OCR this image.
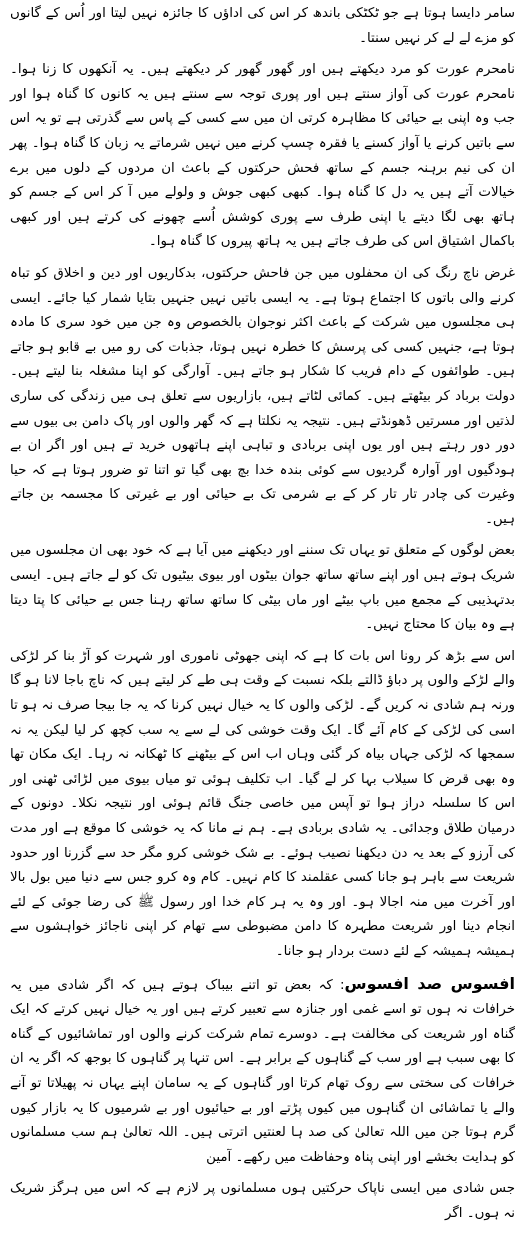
سامر دایسا ہوتا ہے جو ٹکٹکی باندھ کر اس کی اداؤں کا جائزہ نہیں لیتا اور اُس کے گانوں کو مزے لے لے کر نہیں سنتا۔

نامحرم عورت کو مرد دیکھتے ہیں اور گھور گھور کر دیکھتے ہیں۔ یہ آنکھوں کا زنا ہوا۔ نامحرم عورت کی آواز سنتے ہیں اور پوری توجہ سے سنتے ہیں یہ کانوں کا گناہ ہوا اور جب وہ اپنی بے حیائی کا مظاہرہ کرتی ان میں سے کسی کے پاس سے گذرتی ہے تو یہ اس سے باتیں کرنے یا آواز کسنے یا فقرہ چسپ کرنے میں نہیں شرماتے یہ زبان کا گناہ ہوا۔ پھر ان کی نیم برہنہ جسم کے ساتھ فحش حرکتوں کے باعث ان مردوں کے دلوں میں برے خیالات آتے ہیں یہ دل کا گناہ ہوا۔ کبھی کبھی جوش و ولولے میں آ کر اس کے جسم کو ہاتھ بھی لگا دیتے یا اپنی طرف سے پوری کوشش اُسے چھونے کی کرتے ہیں اور کبھی باکمال اشتیاق اس کی طرف جاتے ہیں یہ ہاتھ پیروں کا گناہ ہوا۔

غرض ناچ رنگ کی ان محفلوں میں جن فاحش حرکتوں، بدکاریوں اور دین و اخلاق کو تباہ کرنے والی باتوں کا اجتماع ہوتا ہے۔ یہ ایسی باتیں نہیں جنہیں بتایا شمار کیا جائے۔ ایسی ہی مجلسوں میں شرکت کے باعث اکثر نوجوان بالخصوص وہ جن میں خود سری کا مادہ ہوتا ہے، جنہیں کسی کی پرسش کا خطرہ نہیں ہوتا، جذبات کی رو میں بے قابو ہو جاتے ہیں۔ طوائفوں کے دام فریب کا شکار ہو جاتے ہیں۔ آوارگی کو اپنا مشغلہ بنا لیتے ہیں۔ دولت برباد کر بیٹھتے ہیں۔ کمائی لٹاتے ہیں، بازاریوں سے تعلق ہی میں زندگی کی ساری لذتیں اور مسرتیں ڈھونڈتے ہیں۔ نتیجہ یہ نکلتا ہے کہ گھر والوں اور پاک دامن بی بیوں سے دور دور رہتے ہیں اور یوں اپنی بربادی و تباہی اپنے ہاتھوں خرید تے ہیں اور اگر ان بے ہودگیوں اور آوارہ گردیوں سے کوئی بندہ خدا بچ بھی گیا تو اتنا تو ضرور ہوتا ہے کہ حیا وغیرت کی چادر تار تار کر کے بے شرمی تک بے حیائی اور بے غیرتی کا مجسمہ بن جاتے ہیں۔

بعض لوگوں کے متعلق تو یہاں تک سننے اور دیکھنے میں آیا ہے کہ خود بھی ان مجلسوں میں شریک ہوتے ہیں اور اپنے ساتھ ساتھ جوان بیٹوں اور بیوی بیٹیوں تک کو لے جاتے ہیں۔ ایسی بدتہذیبی کے مجمع میں باپ بیٹے اور ماں بیٹی کا ساتھ ساتھ رہنا جس بے حیائی کا پتا دیتا ہے وہ بیان کا محتاج نہیں۔

اس سے بڑھ کر رونا اس بات کا ہے کہ اپنی جھوٹی ناموری اور شہرت کو آڑ بنا کر لڑکی والے لڑکے والوں پر دباؤ ڈالتے بلکہ نسبت کے وقت ہی طے کر لیتے ہیں کہ ناچ باجا لانا ہو گا ورنہ ہم شادی نہ کریں گے۔ لڑکی والوں کا یہ خیال نہیں کرنا کہ یہ جا بیجا صرف نہ ہو تا اسی کی لڑکی کے کام آئے گا۔ ایک وقت خوشی کی لے سے یہ سب کچھ کر لیا لیکن یہ نہ سمجھا کہ لڑکی جہاں بیاہ کر گئی وہاں اب اس کے بیٹھنے کا ٹھکانہ نہ رہا۔ ایک مکان تھا وہ بھی قرض کا سیلاب بہا کر لے گیا۔ اب تکلیف ہوئی تو میاں بیوی میں لڑائی ٹھنی اور اس کا سلسلہ دراز ہوا تو آپس میں خاصی جنگ قائم ہوئی اور نتیجہ نکلا۔ دونوں کے درمیان طلاق وجدائی۔ یہ شادی بربادی ہے۔ ہم نے مانا کہ یہ خوشی کا موقع ہے اور مدت کی آرزو کے بعد یہ دن دیکھنا نصیب ہوئے۔ بے شک خوشی کرو مگر حد سے گزرنا اور حدود شریعت سے باہر ہو جانا کسی عقلمند کا کام نہیں۔ کام وہ کرو جس سے دنیا میں بول بالا اور آخرت میں منہ اجالا ہو۔ اور وہ یہ ہر کام خدا اور رسول ﷺ کی رضا جوئی کے لئے انجام دینا اور شریعت مطہرہ کا دامن مضبوطی سے تھام کر اپنی ناجائز خواہشوں سے ہمیشہ ہمیشہ کے لئے دست بردار ہو جانا۔

افسوس صد افسوس: کہ بعض تو اتنے بیباک ہوتے ہیں کہ اگر شادی میں یہ خرافات نہ ہوں تو اسے غمی اور جنازہ سے تعبیر کرتے ہیں اور یہ خیال نہیں کرتے کہ ایک گناہ اور شریعت کی مخالفت ہے۔ دوسرے تمام شرکت کرنے والوں اور تماشائیوں کے گناہ کا بھی سبب ہے اور سب کے گناہوں کے برابر ہے۔ اس تنہا پر گناہوں کا بوجھ کہ اگر یہ ان خرافات کی سختی سے روک تھام کرتا اور گناہوں کے یہ سامان اپنے یہاں نہ پھیلاتا تو آنے والے یا تماشائی ان گناہوں میں کیوں پڑتے اور بے حیائیوں اور بے شرمیوں کا یہ بازار کیوں گرم ہوتا جن میں اللہ تعالیٰ کی صد ہا لعنتیں اترتی ہیں۔ اللہ تعالیٰ ہم سب مسلمانوں کو ہدایت بخشے اور اپنی پناہ وحفاظت میں رکھے۔ آمین

جس شادی میں ایسی ناپاک حرکتیں ہوں مسلمانوں پر لازم ہے کہ اس میں ہرگز شریک نہ ہوں۔ اگر
